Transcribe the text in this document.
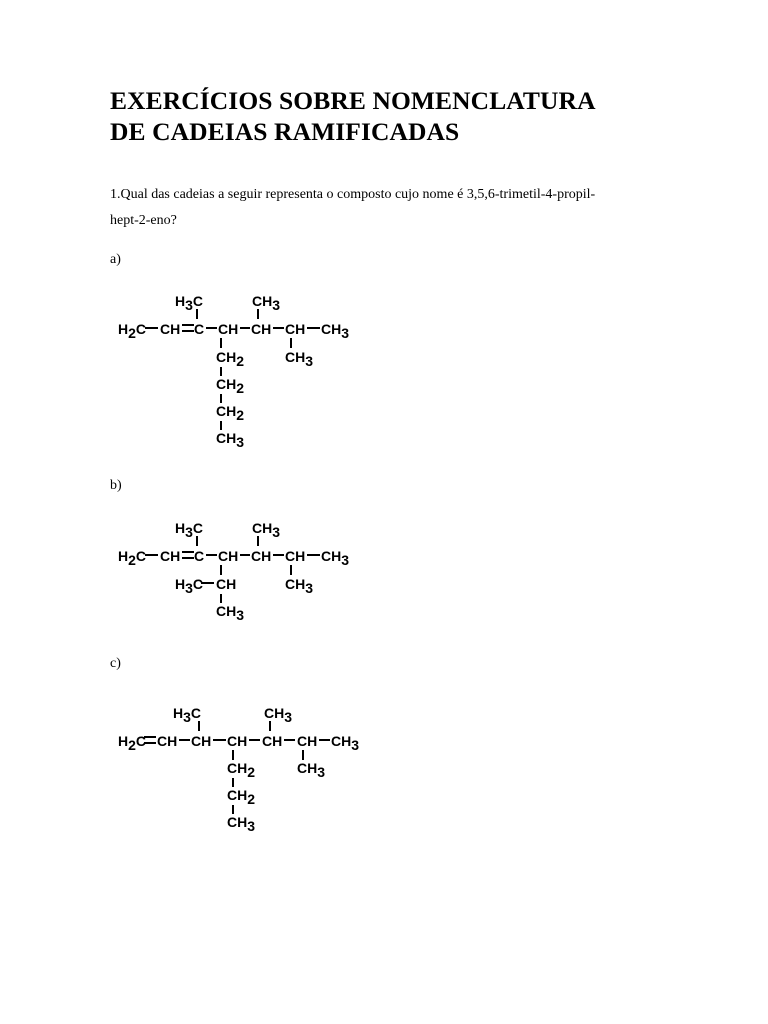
EXERCÍCIOS SOBRE NOMENCLATURA
DE CADEIAS RAMIFICADAS

1.Qual das cadeias a seguir representa o composto cujo nome é 3,5,6-trimetil-4-propil-
hept-2-eno?

a)

b)

c)

H3C	CH3
H2C CH C CH CH CH CH3
CH3
CH2
CH2
CH2
CH3
H3C	CH3
H2C CH C CH CH CH CH3
CH3
H3C CH
CH3
H3C	CH3
H2C CH CH CH CH CH CH3
CH3
CH2
CH2
CH3
